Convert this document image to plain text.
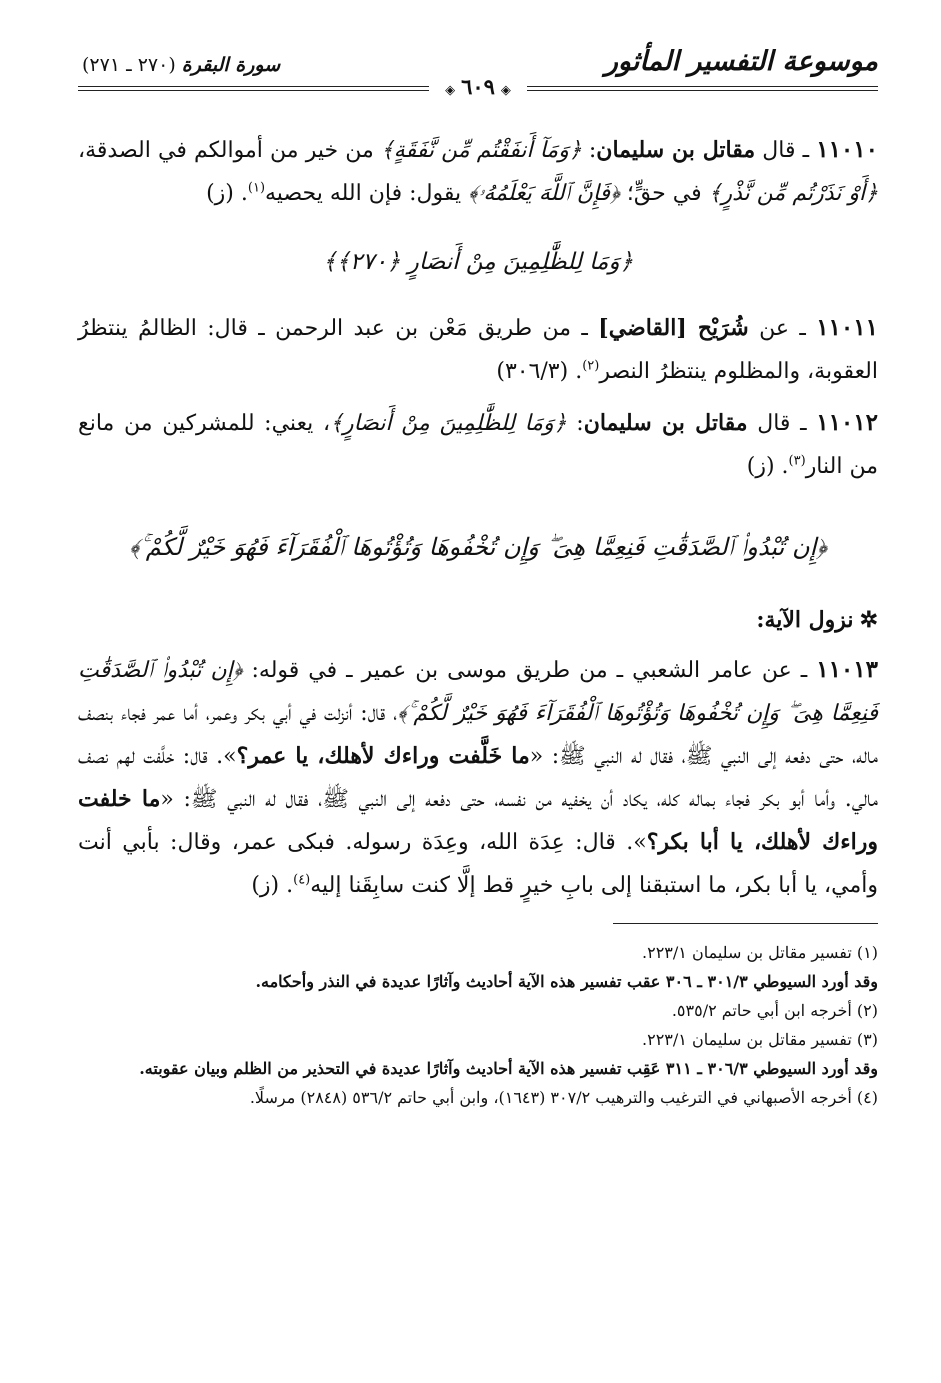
موسوعة التفسير المأثور
سورة البقرة (٢٧٠ ـ ٢٧١)
◈٦٠٩◈

١١٠١٠ ـ قال مقاتل بن سليمان: ﴿وَمَآ أَنفَقْتُم مِّن نَّفَقَةٍ﴾ من خير من أموالكم في الصدقة، ﴿أَوْ نَذَرْتُم مِّن نَّذْرٍ﴾ في حقٍّ؛ ﴿فَإِنَّ ٱللَّهَ يَعْلَمُهُۥ﴾ يقول: فإن الله يحصيه$^{(١)}$. (ز)

﴿وَمَا لِلظَّٰلِمِينَ مِنْ أَنصَارٍ ﴿٢٧٠﴾﴾

١١٠١١ ـ عن شُرَيْح [القاضي] ـ من طريق مَعْن بن عبد الرحمن ـ قال: الظالمُ ينتظرُ العقوبة، والمظلوم ينتظرُ النصر$^{(٢)}$. (٣٠٦/٣)

١١٠١٢ ـ قال مقاتل بن سليمان: ﴿وَمَا لِلظَّٰلِمِينَ مِنْ أَنصَارٍ﴾، يعني: للمشركين من مانع من النار$^{(٣)}$. (ز)

﴿إِن تُبْدُوا۟ ٱلصَّدَقَٰتِ فَنِعِمَّا هِىَ ۖ وَإِن تُخْفُوهَا وَتُؤْتُوهَا ٱلْفُقَرَآءَ فَهُوَ خَيْرٌ لَّكُمْ ۚ﴾
✲نزول الآية:

١١٠١٣ ـ عن عامر الشعبي ـ من طريق موسى بن عمير ـ في قوله: ﴿إِن تُبْدُوا۟ ٱلصَّدَقَٰتِ فَنِعِمَّا هِىَ ۖ وَإِن تُخْفُوهَا وَتُؤْتُوهَا ٱلْفُقَرَآءَ فَهُوَ خَيْرٌ لَّكُمْ ۚ﴾، قال: أنزلت في أبي بكر وعمر، أما عمر فجاء بنصف ماله، حتى دفعه إلى النبي ﷺ، فقال له النبي ﷺ: «ما خَلَّفت وراءك لأهلك، يا عمر؟». قال: خلَّفت لهم نصف مالي. وأما أبو بكر فجاء بماله كله، يكاد أن يخفيه من نفسه، حتى دفعه إلى النبي ﷺ، فقال له النبي ﷺ: «ما خلفت وراءك لأهلك، يا أبا بكر؟». قال: عِدَة الله، وعِدَة رسوله. فبكى عمر، وقال: بأبي أنت وأمي، يا أبا بكر، ما استبقنا إلى بابِ خيرٍ قط إلَّا كنت سابِقَنا إليه$^{(٤)}$. (ز)

(١) تفسير مقاتل بن سليمان ٢٢٣/١.

وقد أورد السيوطي ٣٠١/٣ ـ ٣٠٦ عقب تفسير هذه الآية أحاديث وآثارًا عديدة في النذر وأحكامه.

(٢) أخرجه ابن أبي حاتم ٥٣٥/٢.

(٣) تفسير مقاتل بن سليمان ٢٢٣/١.

وقد أورد السيوطي ٣٠٦/٣ ـ ٣١١ عَقِب تفسير هذه الآية أحاديث وآثارًا عديدة في التحذير من الظلم وبيان عقوبته.

(٤) أخرجه الأصبهاني في الترغيب والترهيب ٣٠٧/٢ (١٦٤٣)، وابن أبي حاتم ٥٣٦/٢ (٢٨٤٨) مرسلًا.
